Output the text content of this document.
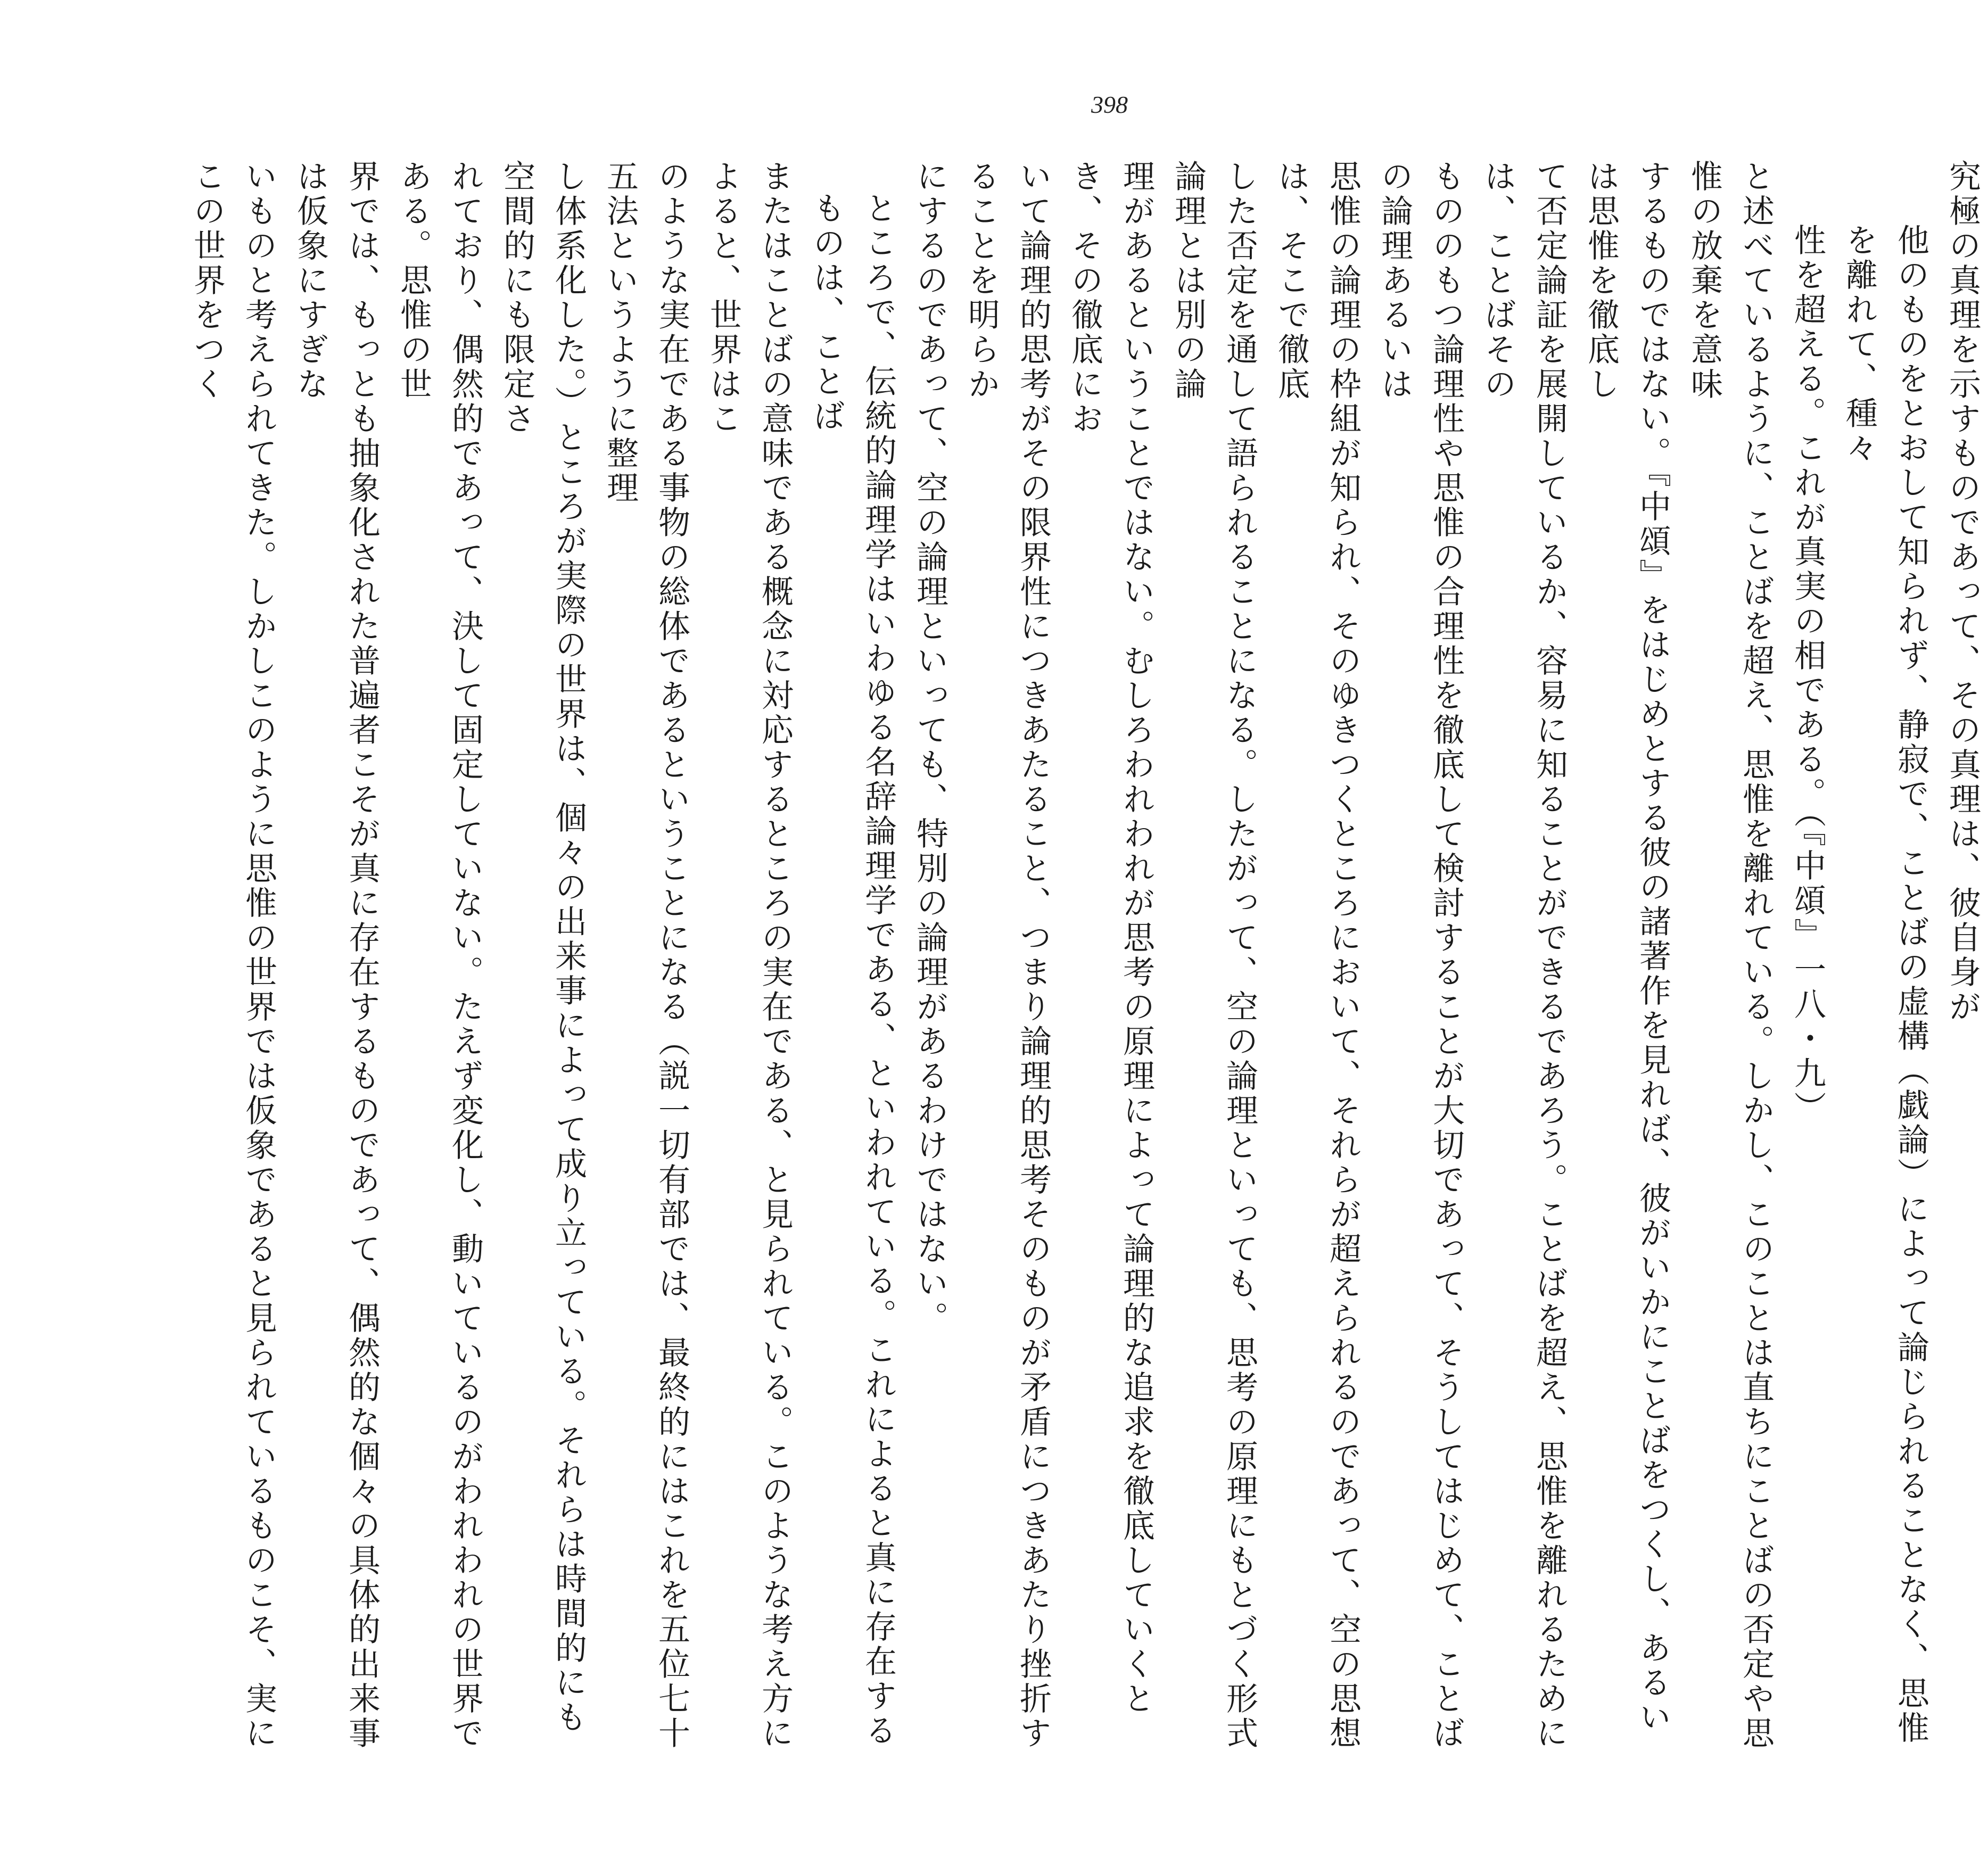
398

究極の真理を示すものであって、その真理は、彼自身が

他のものをとおして知られず、静寂で、ことばの虚構（戯論）によって論じられることなく、思惟を離れて、種々

性を超える。これが真実の相である。（『中頌』一八・九）

と述べているように、ことばを超え、思惟を離れている。しかし、このことは直ちにことばの否定や思惟の放棄を意味

するものではない。『中頌』をはじめとする彼の諸著作を見れば、彼がいかにことばをつくし、あるいは思惟を徹底し

て否定論証を展開しているか、容易に知ることができるであろう。ことばを超え、思惟を離れるためには、ことばその

もののもつ論理性や思惟の合理性を徹底して検討することが大切であって、そうしてはじめて、ことばの論理あるいは

思惟の論理の枠組が知られ、そのゆきつくところにおいて、それらが超えられるのであって、空の思想は、そこで徹底

した否定を通して語られることになる。したがって、空の論理といっても、思考の原理にもとづく形式論理とは別の論

理があるということではない。むしろわれわれが思考の原理によって論理的な追求を徹底していくとき、その徹底にお

いて論理的思考がその限界性につきあたること、つまり論理的思考そのものが矛盾につきあたり挫折することを明らか

にするのであって、空の論理といっても、特別の論理があるわけではない。

ところで、伝統的論理学はいわゆる名辞論理学である、といわれている。これによると真に存在するものは、ことば

またはことばの意味である概念に対応するところの実在である、と見られている。このような考え方によると、世界はこ

のような実在である事物の総体であるということになる（説一切有部では、最終的にはこれを五位七十五法というように整理

し体系化した。）ところが実際の世界は、個々の出来事によって成り立っている。それらは時間的にも空間的にも限定さ

れており、偶然的であって、決して固定していない。たえず変化し、動いているのがわれわれの世界である。思惟の世

界では、もっとも抽象化された普遍者こそが真に存在するものであって、偶然的な個々の具体的出来事は仮象にすぎな

いものと考えられてきた。しかしこのように思惟の世界では仮象であると見られているものこそ、実にこの世界をつく
